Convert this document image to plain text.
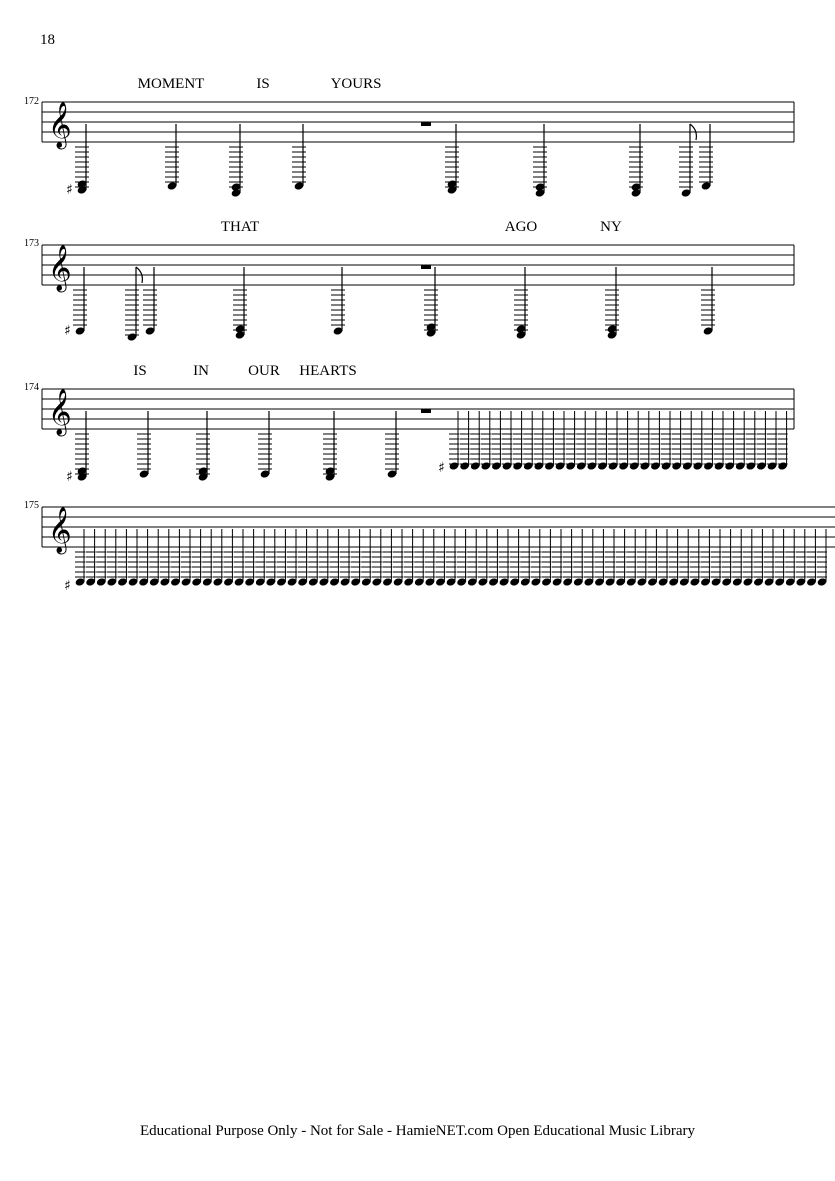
18
172
MOMENT	IS	YOURS
173
THAT	AGO	NY
174
IS	IN	OUR HEARTS
175
𝄞
𝄞
𝄞
𝄞
♯
♯
♯
♯
♯
Educational Purpose Only - Not for Sale - HamieNET.com Open Educational Music Library
